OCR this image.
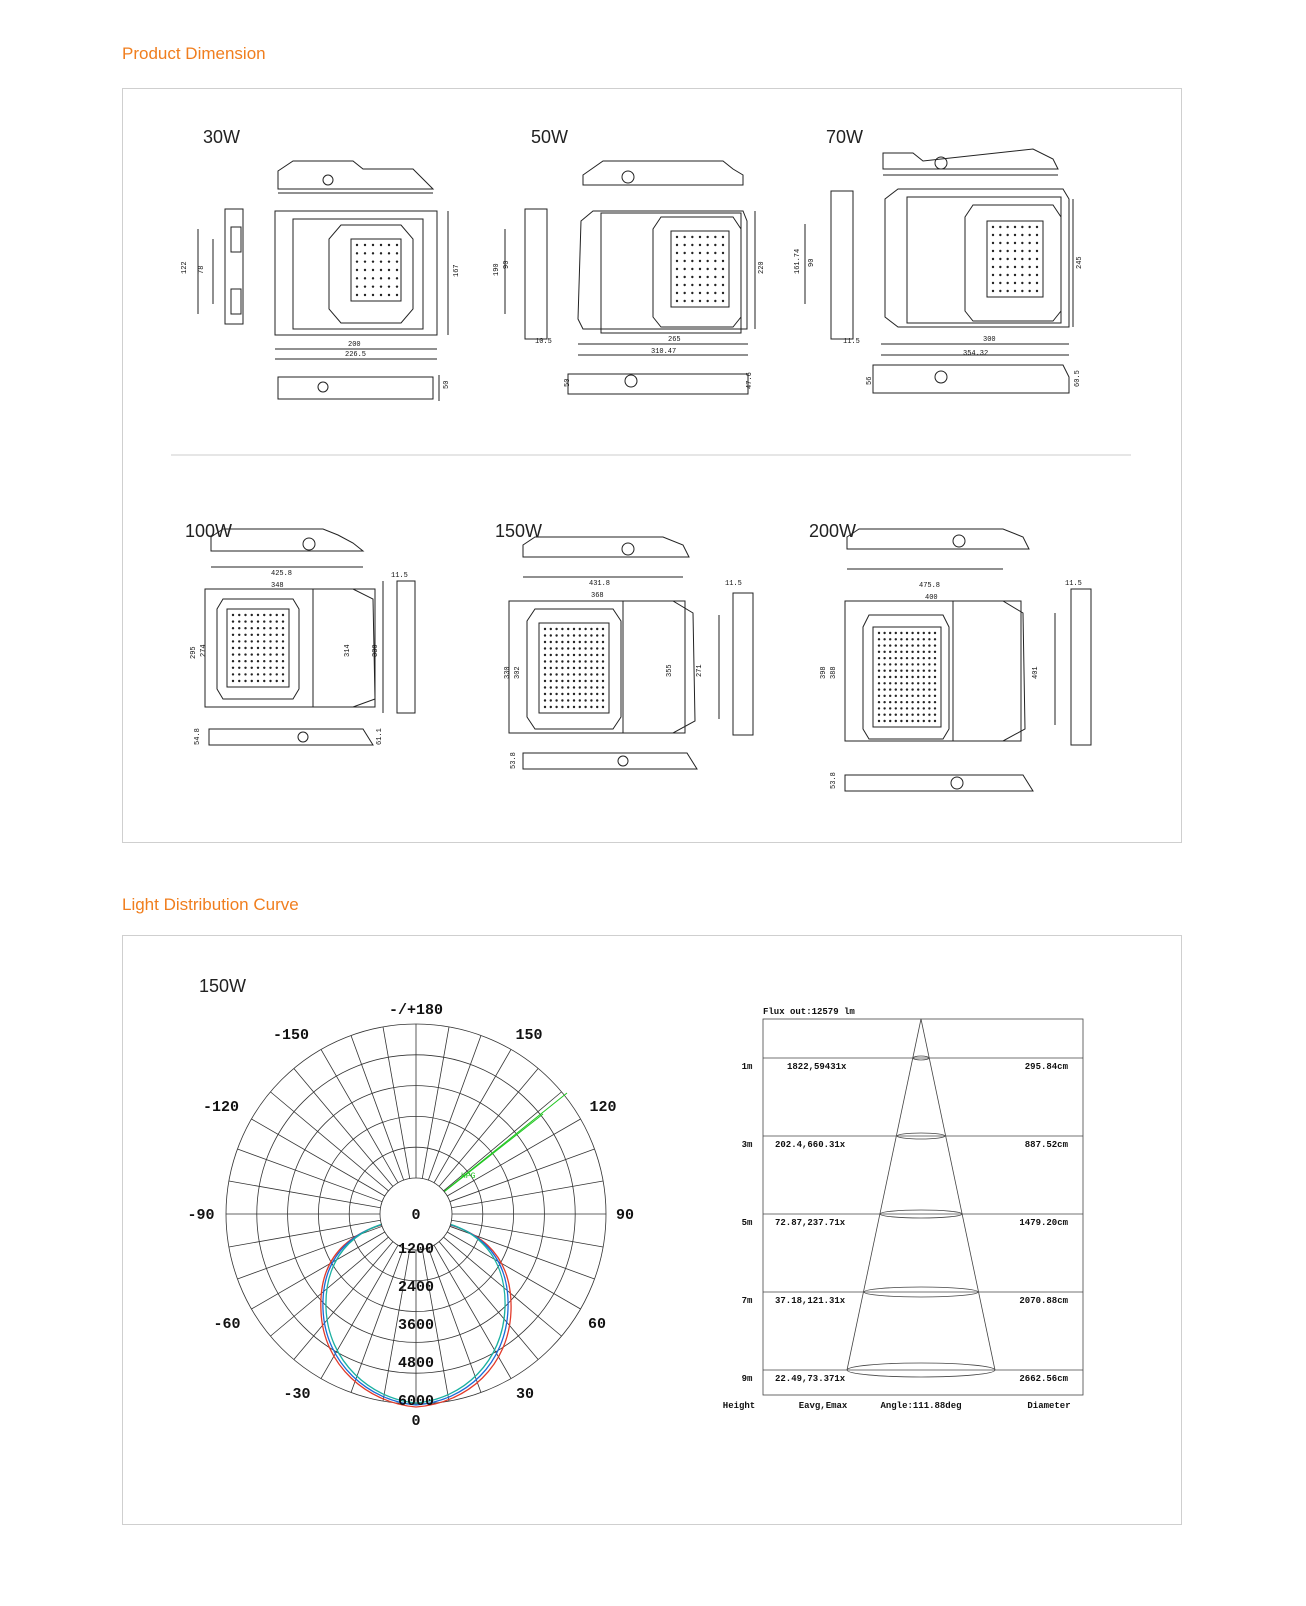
Product Dimension
30W	50W	70W
100W	150W	200W
122 78
200
226.5
167
50
190 90
265
310.47
220
50	47.6
10.5
161.74 90
300
354.32
245
56	60.5
11.5
425.8
348
295 274	314	330
11.5
54.8	61.1
431.8
368
330 302	355	271
11.5
53.8
475.8
400
398 388	401
11.5
53.8
Light Distribution Curve
150W
HPG
-/+180
-150
-120
-90
-60
-30
150
120
90
60
30
0
0
1200
2400
3600
4800
6000
Flux out:12579 lm
1m	1822,59431x	295.84cm
3m	202.4,660.31x	887.52cm
5m	72.87,237.71x	1479.20cm
7m	37.18,121.31x	2070.88cm
9m	22.49,73.371x	2662.56cm
Height	Eavg,Emax	Angle:111.88deg	Diameter
